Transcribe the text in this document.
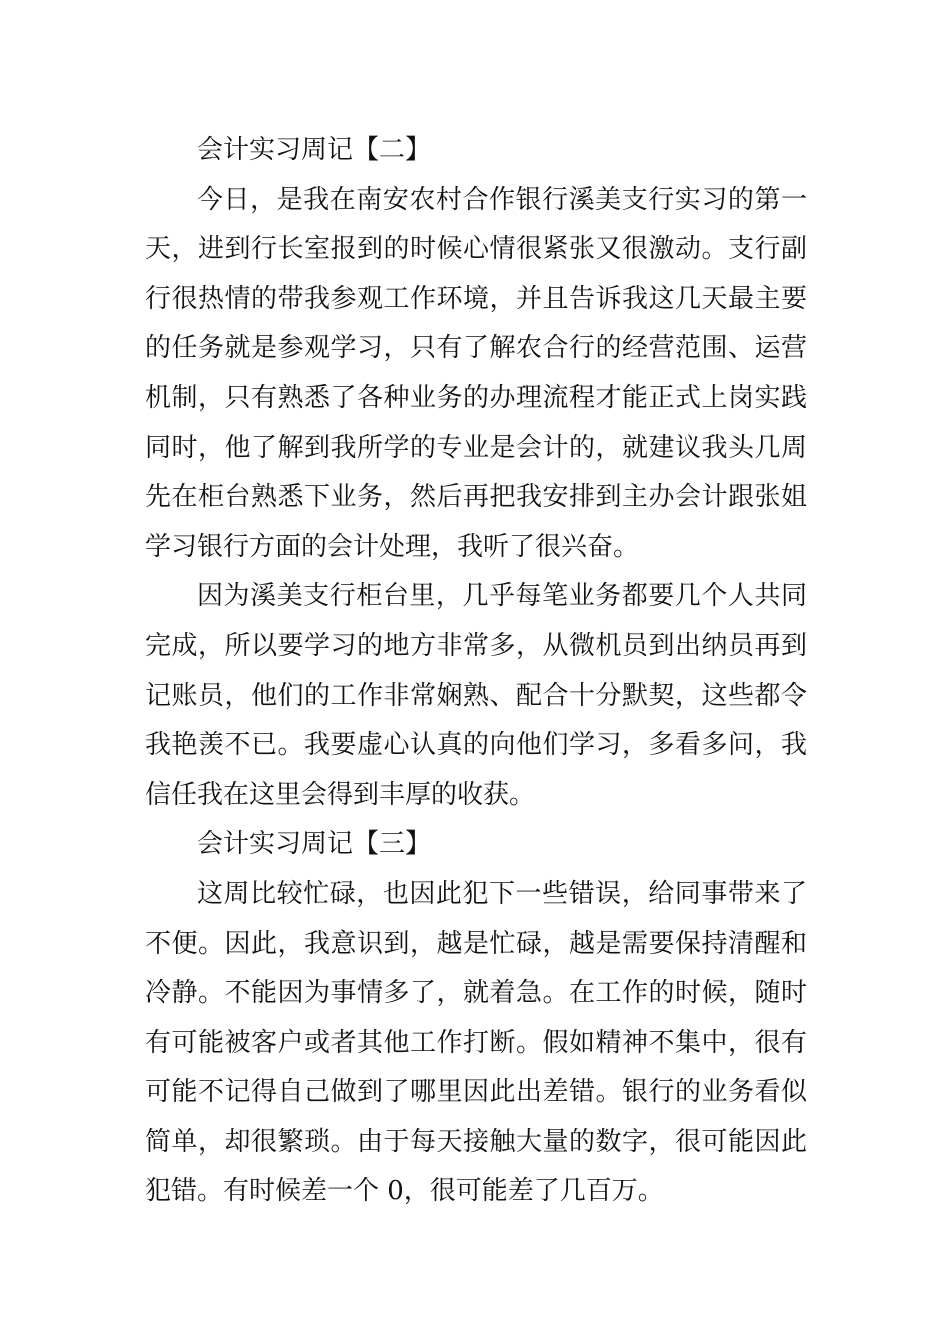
会计实习周记【二】
今日，是我在南安农村合作银行溪美支行实习的第一
天，进到行长室报到的时候心情很紧张又很激动。支行副
行很热情的带我参观工作环境，并且告诉我这几天最主要
的任务就是参观学习，只有了解农合行的经营范围、运营
机制，只有熟悉了各种业务的办理流程才能正式上岗实践
同时，他了解到我所学的专业是会计的，就建议我头几周
先在柜台熟悉下业务，然后再把我安排到主办会计跟张姐
学习银行方面的会计处理，我听了很兴奋。
因为溪美支行柜台里，几乎每笔业务都要几个人共同
完成，所以要学习的地方非常多，从微机员到出纳员再到
记账员，他们的工作非常娴熟、配合十分默契，这些都令
我艳羡不已。我要虚心认真的向他们学习，多看多问，我
信任我在这里会得到丰厚的收获。
会计实习周记【三】
这周比较忙碌，也因此犯下一些错误，给同事带来了
不便。因此，我意识到，越是忙碌，越是需要保持清醒和
冷静。不能因为事情多了，就着急。在工作的时候，随时
有可能被客户或者其他工作打断。假如精神不集中，很有
可能不记得自己做到了哪里因此出差错。银行的业务看似
简单，却很繁琐。由于每天接触大量的数字，很可能因此
犯错。有时候差一个 0，很可能差了几百万。
